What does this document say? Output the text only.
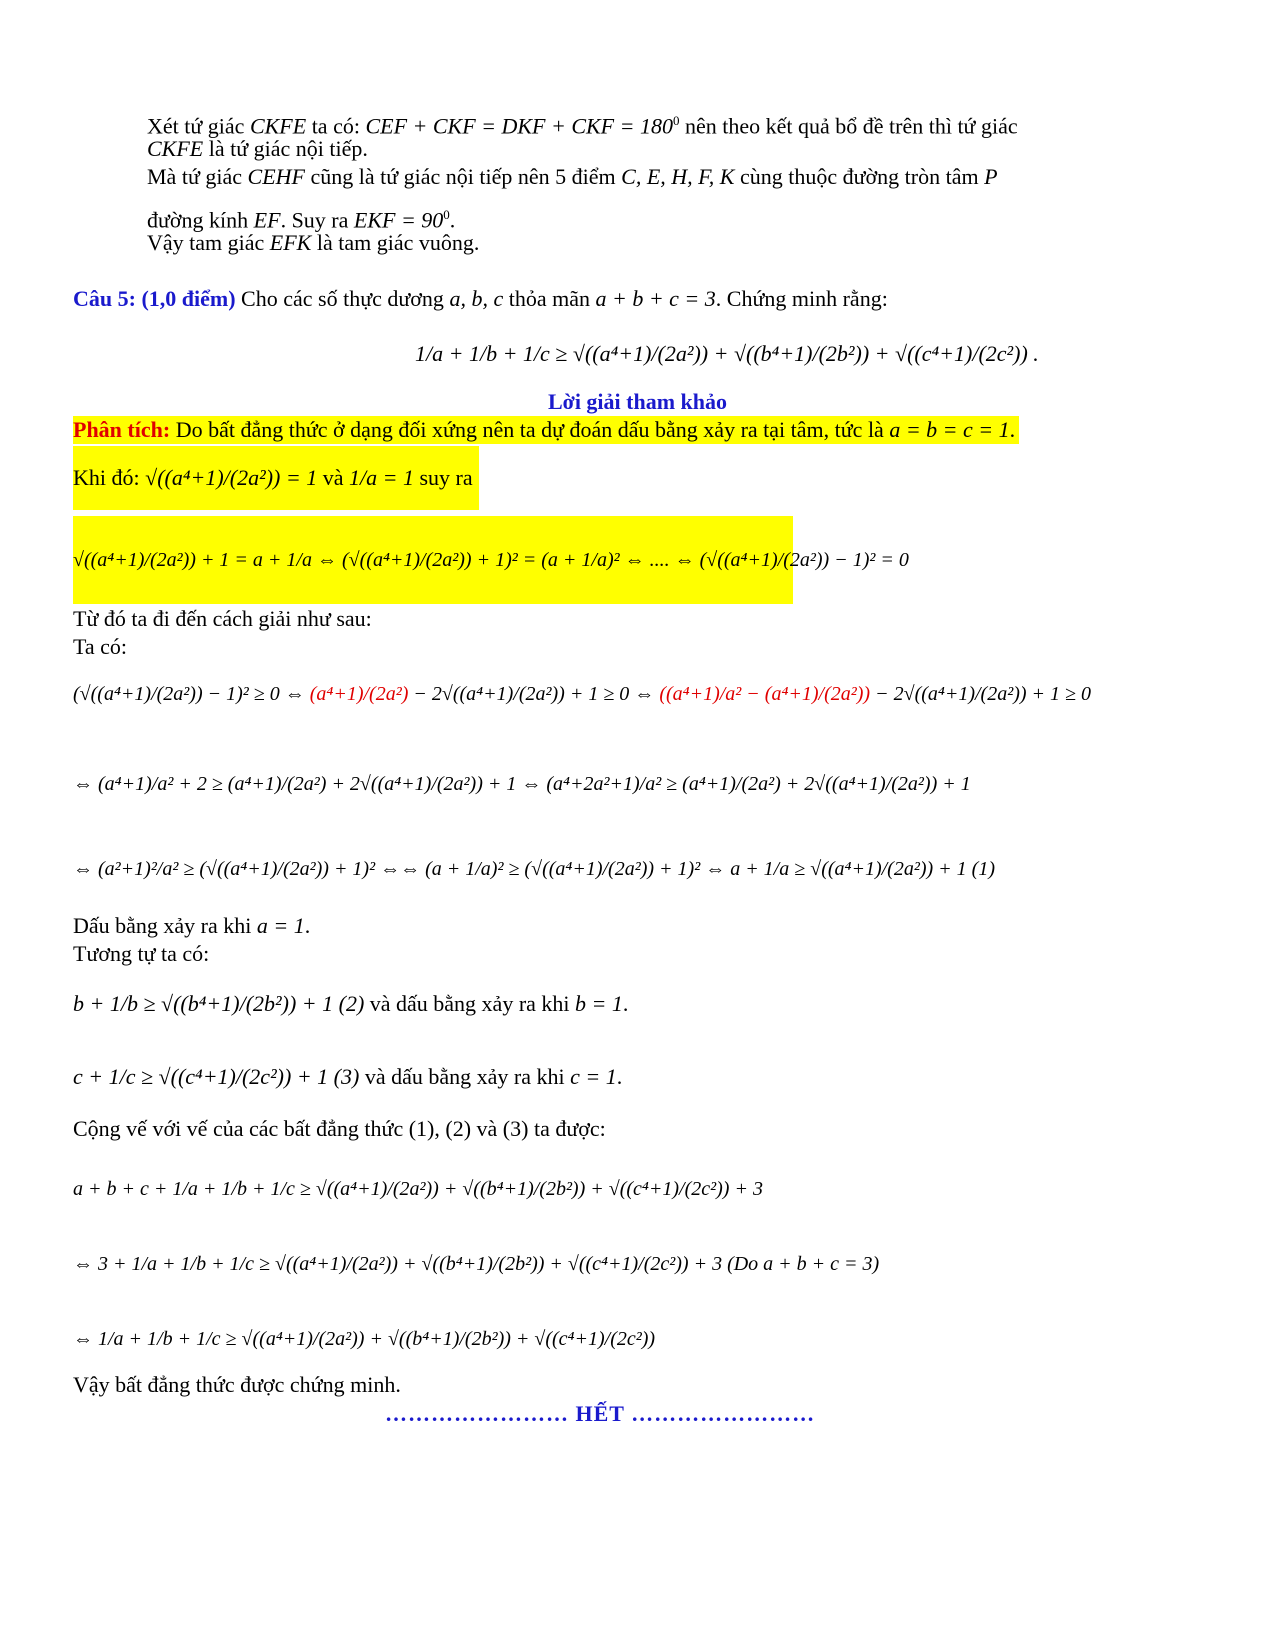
Xét tứ giác CKFE ta có: CEF + CKF = DKF + CKF = $180^0$ nên theo kết quả bổ đề trên thì tứ giác
CKFE là tứ giác nội tiếp.
Mà tứ giác CEHF cũng là tứ giác nội tiếp nên 5 điểm C, E, H, F, K cùng thuộc đường tròn tâm P
đường kính EF. Suy ra EKF = $90^0$.
Vậy tam giác EFK là tam giác vuông.
Câu 5: (1,0 điểm) Cho các số thực dương a, b, c thỏa mãn a + b + c = 3. Chứng minh rằng:
1/a + 1/b + 1/c ≥ √((a⁴+1)/(2a²)) + √((b⁴+1)/(2b²)) + √((c⁴+1)/(2c²)) .
Lời giải tham khảo
Phân tích: Do bất đẳng thức ở dạng đối xứng nên ta dự đoán dấu bằng xảy ra tại tâm, tức là a = b = c = 1.
Khi đó: √((a⁴+1)/(2a²)) = 1 và 1/a = 1 suy ra
√((a⁴+1)/(2a²)) + 1 = a + 1/a ⇔ (√((a⁴+1)/(2a²)) + 1)² = (a + 1/a)² ⇔ .... ⇔ (√((a⁴+1)/(2a²)) − 1)² = 0
Từ đó ta đi đến cách giải như sau:
Ta có:
(√((a⁴+1)/(2a²)) − 1)² ≥ 0 ⇔ (a⁴+1)/(2a²) − 2√((a⁴+1)/(2a²)) + 1 ≥ 0 ⇔ ((a⁴+1)/a² − (a⁴+1)/(2a²)) − 2√((a⁴+1)/(2a²)) + 1 ≥ 0
⇔ (a⁴+1)/a² + 2 ≥ (a⁴+1)/(2a²) + 2√((a⁴+1)/(2a²)) + 1 ⇔ (a⁴+2a²+1)/a² ≥ (a⁴+1)/(2a²) + 2√((a⁴+1)/(2a²)) + 1
⇔ (a²+1)²/a² ≥ (√((a⁴+1)/(2a²)) + 1)² ⇔⇔ (a + 1/a)² ≥ (√((a⁴+1)/(2a²)) + 1)² ⇔ a + 1/a ≥ √((a⁴+1)/(2a²)) + 1 (1)
Dấu bằng xảy ra khi a = 1.
Tương tự ta có:
b + 1/b ≥ √((b⁴+1)/(2b²)) + 1 (2) và dấu bằng xảy ra khi b = 1.
c + 1/c ≥ √((c⁴+1)/(2c²)) + 1 (3) và dấu bằng xảy ra khi c = 1.
Cộng vế với vế của các bất đẳng thức (1), (2) và (3) ta được:
a + b + c + 1/a + 1/b + 1/c ≥ √((a⁴+1)/(2a²)) + √((b⁴+1)/(2b²)) + √((c⁴+1)/(2c²)) + 3
⇔ 3 + 1/a + 1/b + 1/c ≥ √((a⁴+1)/(2a²)) + √((b⁴+1)/(2b²)) + √((c⁴+1)/(2c²)) + 3 (Do a + b + c = 3)
⇔ 1/a + 1/b + 1/c ≥ √((a⁴+1)/(2a²)) + √((b⁴+1)/(2b²)) + √((c⁴+1)/(2c²))
Vậy bất đẳng thức được chứng minh.
…………………… HẾT ……………………
